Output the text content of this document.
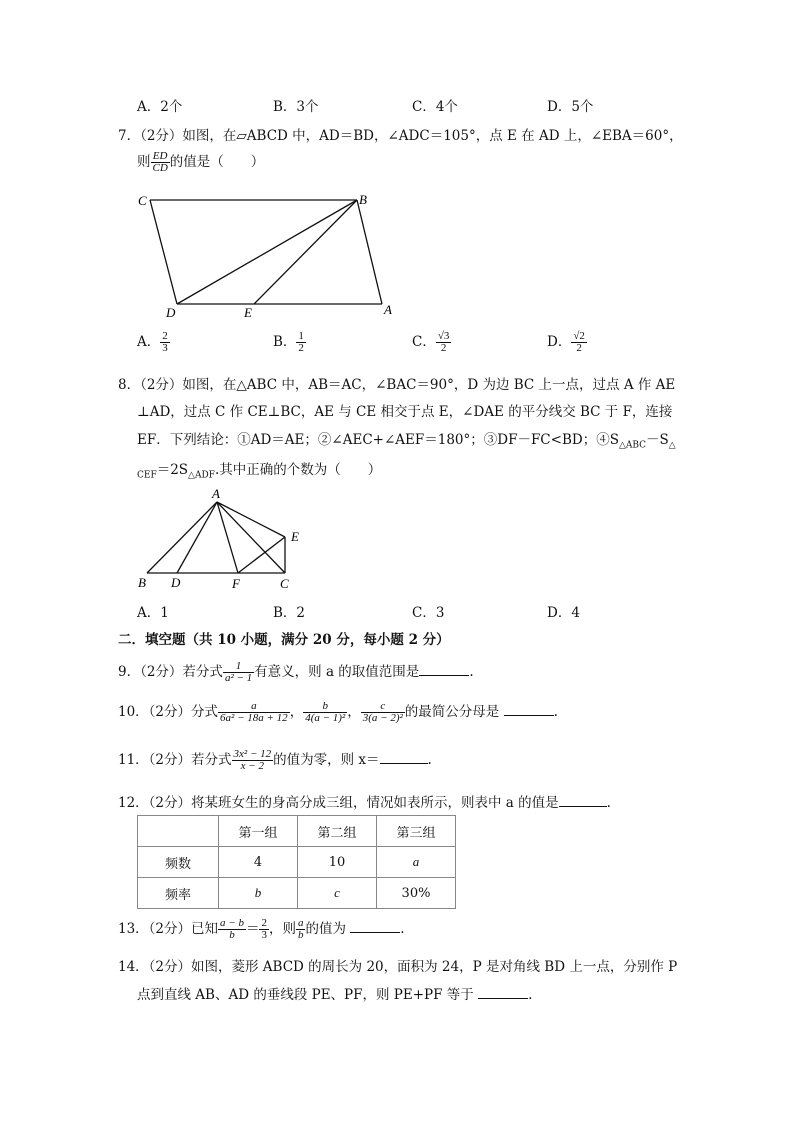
A．2个	B．3个	C．4个	D．5个
7．（2分）如图，在▱ABCD 中，AD＝BD，∠ADC＝105°，点 E 在 AD 上，∠EBA＝60°，
则 $\frac{ED}{CD}$ 的值是（　　）
C	B
D	E	A
A． $\frac{2}{3}$	B． $\frac{1}{2}$	C． $\frac{√3}{2}$	D． $\frac{√2}{2}$
8．（2分）如图，在△ABC 中，AB＝AC，∠BAC＝90°，D 为边 BC 上一点，过点 A 作 AE
⊥AD，过点 C 作 CE⊥BC，AE 与 CE 相交于点 E，∠DAE 的平分线交 BC 于 F，连接
EF．下列结论：①AD＝AE；②∠AEC+∠AEF＝180°；③DF－FC<BD；$④S_{\triangle ABC}-S_\triangle$
$_{CEF}=2S_{\triangle ADF}$.其中正确的个数为（　　）
A
E
B D	F	C
A．1	B．2	C．3	D．4
二．填空题（共 10 小题，满分 20 分，每小题 2 分）
9．（2分）若分式 $\frac{1}{\text{a² − 1}}$ 有意义，则 a 的取值范围是	.
10．（2分）分式 $\frac{a}{\text{6a² − 18a + 12}}$ ， $\frac{b}{\text{4(a − 1)²}}$ ， $\frac{c}{\text{3(a − 2)²}}$ 的最简公分母是	.
11．（2分）若分式 $\frac{\text{3x² − 12}}{x - 2}$ 的值为零，则 x＝	.
12．（2分）将某班女生的身高分成三组，情况如表所示，则表中 a 的值是	.
	第一组	第二组	第三组
频数	4	10	a
频率	b	c	30%
13．（2分）已知 $\frac{a - b}{b} = \frac{2}{3}$ ，则 $\frac{a}{b}$ 的值为	.
14．（2分）如图，菱形 ABCD 的周长为 20，面积为 24，P 是对角线 BD 上一点，分别作 P
点到直线 AB、AD 的垂线段 PE、PF，则 PE+PF 等于	.
